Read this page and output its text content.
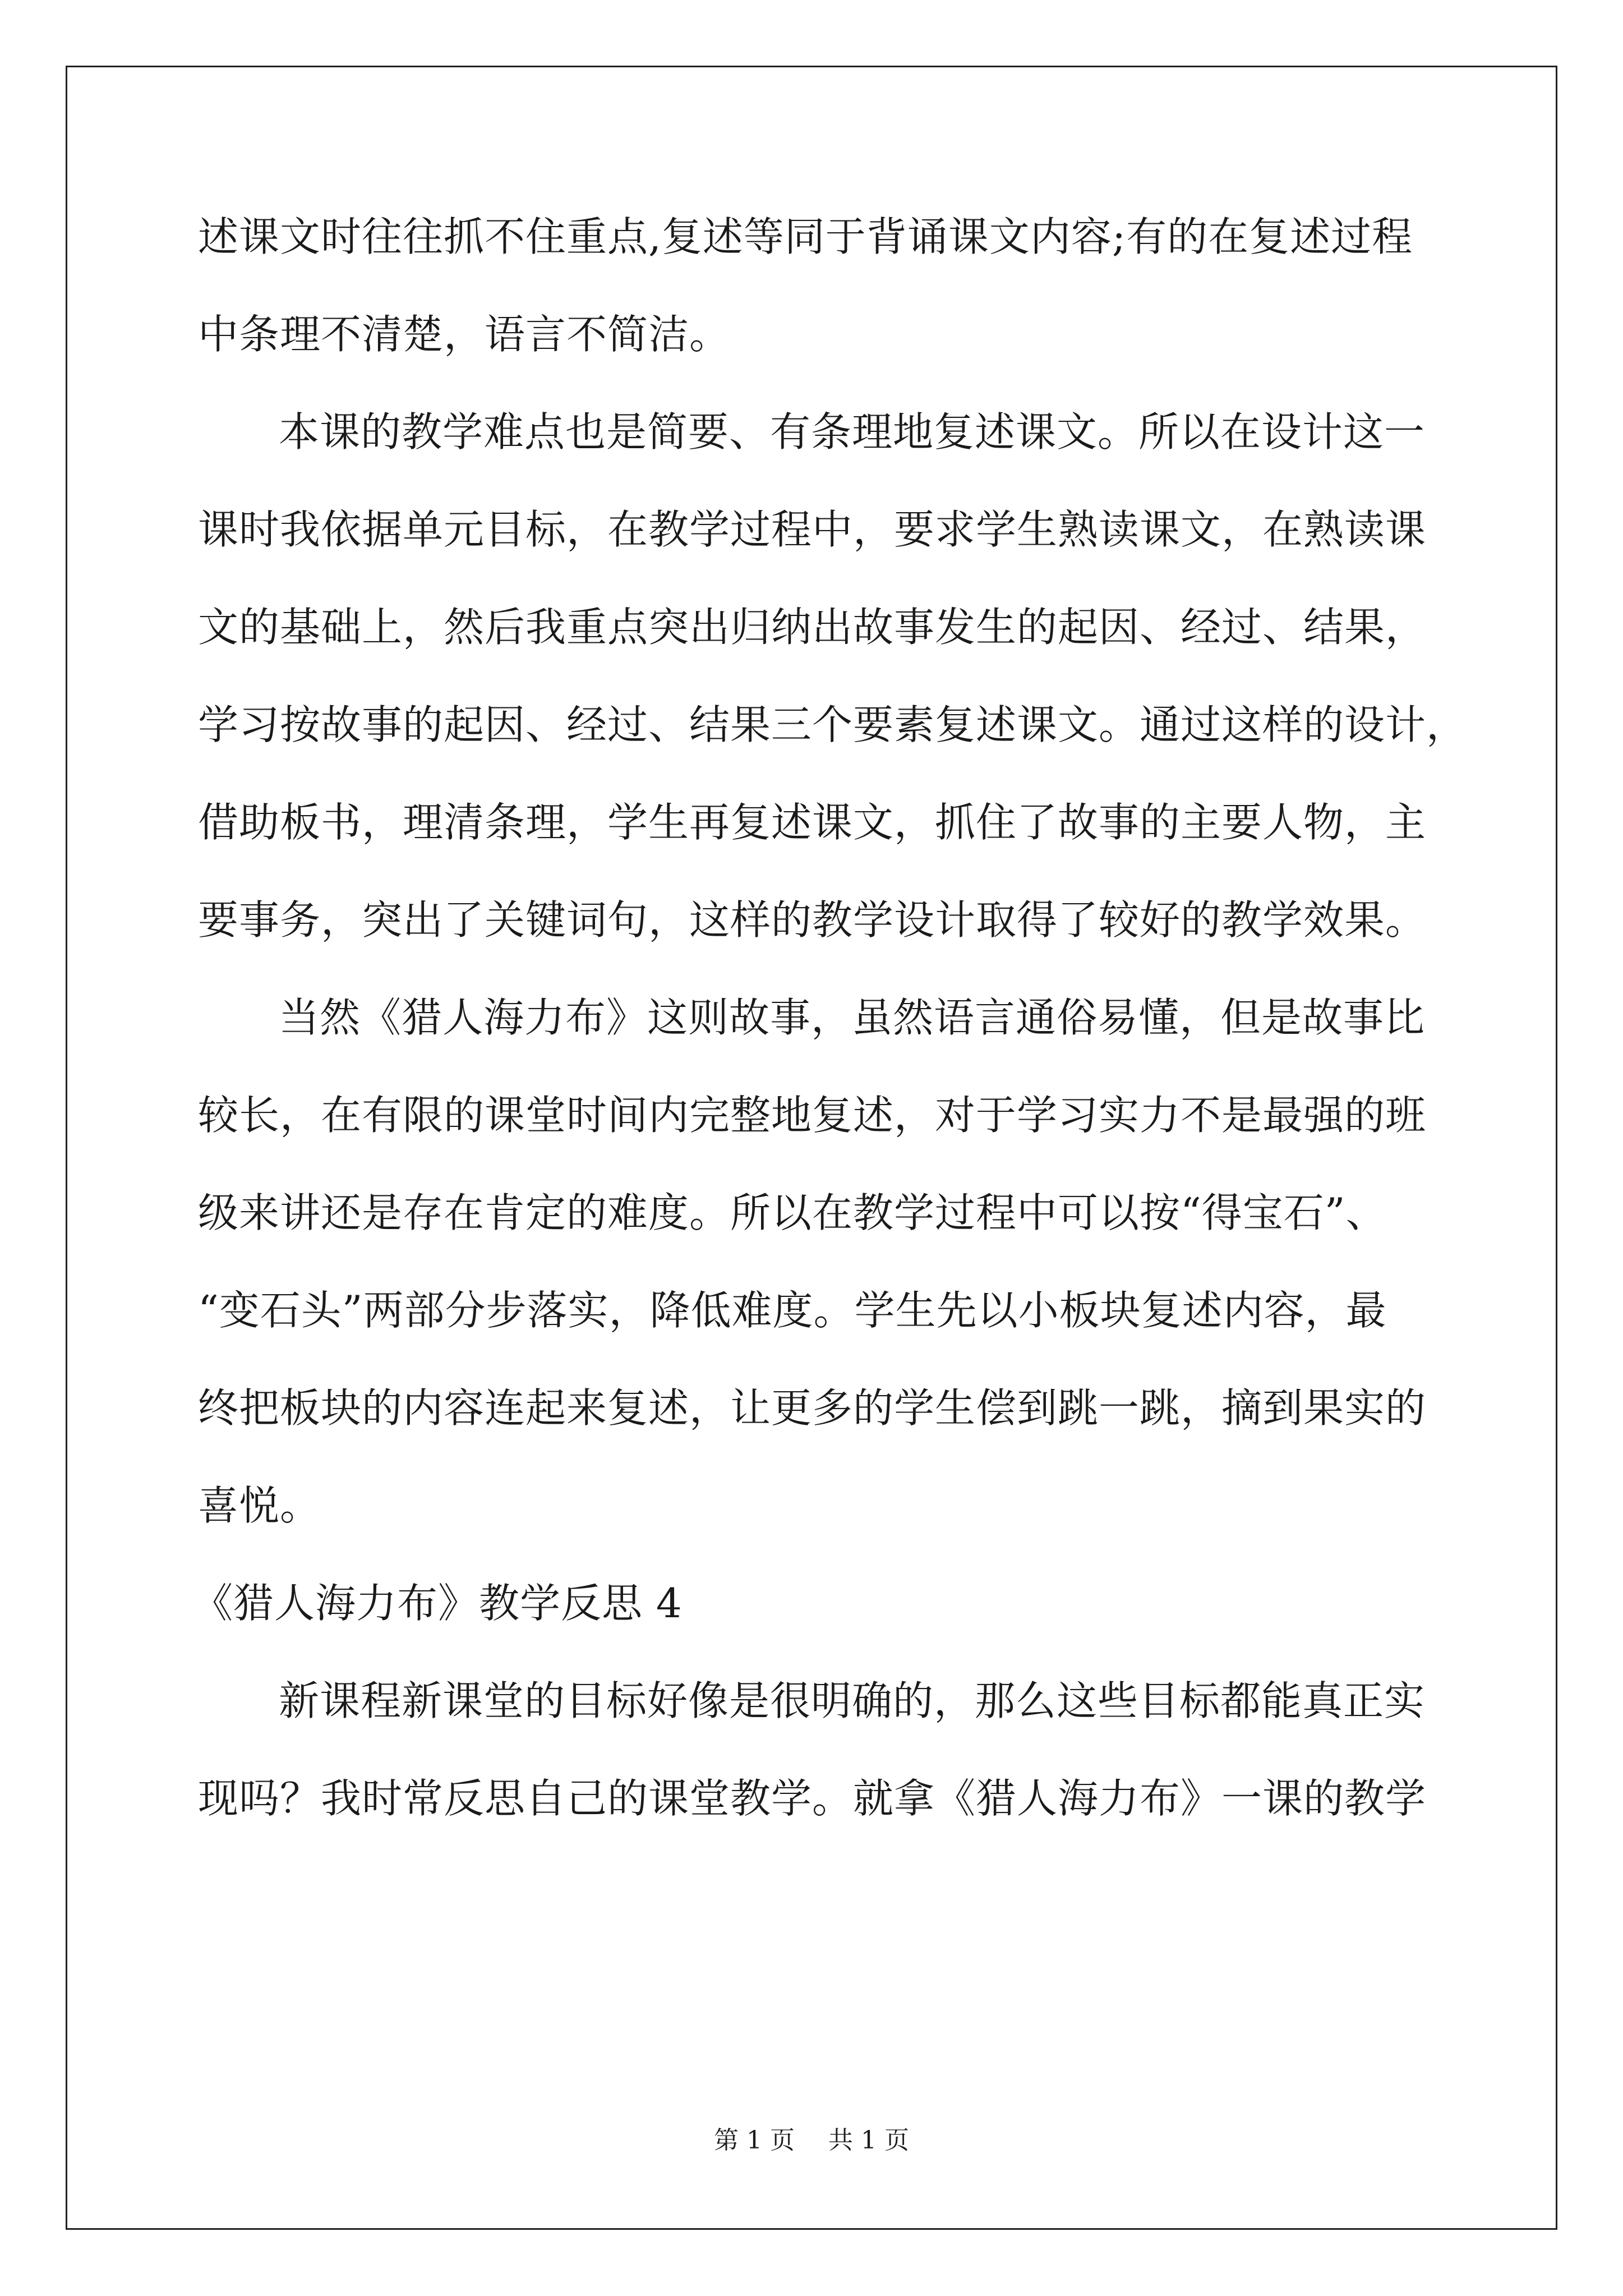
述课文时往往抓不住重点,复述等同于背诵课文内容;有的在复述过程
中条理不清楚，语言不简洁。
本课的教学难点也是简要、有条理地复述课文。所以在设计这一
课时我依据单元目标，在教学过程中，要求学生熟读课文，在熟读课
文的基础上，然后我重点突出归纳出故事发生的起因、经过、结果，
学习按故事的起因、经过、结果三个要素复述课文。通过这样的设计，
借助板书，理清条理，学生再复述课文，抓住了故事的主要人物，主
要事务，突出了关键词句，这样的教学设计取得了较好的教学效果。
当然《猎人海力布》这则故事，虽然语言通俗易懂，但是故事比
较长，在有限的课堂时间内完整地复述，对于学习实力不是最强的班
级来讲还是存在肯定的难度。所以在教学过程中可以按“得宝石”、
“变石头”两部分步落实，降低难度。学生先以小板块复述内容，最
终把板块的内容连起来复述，让更多的学生偿到跳一跳，摘到果实的
喜悦。
《猎人海力布》教学反思 4
新课程新课堂的目标好像是很明确的，那么这些目标都能真正实
现吗？我时常反思自己的课堂教学。就拿《猎人海力布》一课的教学
第 1 页 共 1 页
